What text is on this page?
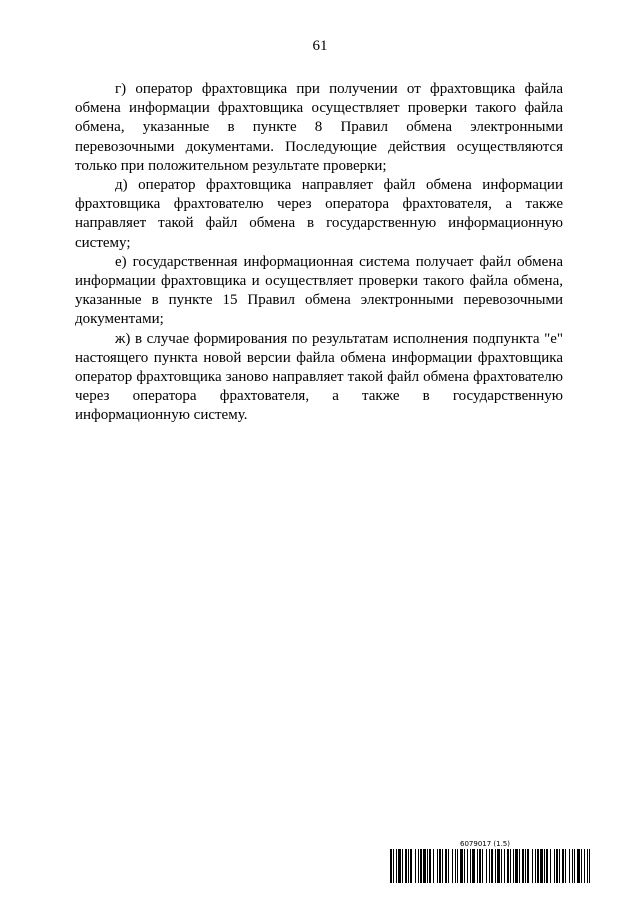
61

г) оператор фрахтовщика при получении от фрахтовщика файла обмена информации фрахтовщика осуществляет проверки такого файла обмена, указанные в пункте 8 Правил обмена электронными перевозочными документами. Последующие действия осуществляются только при положительном результате проверки;

д) оператор фрахтовщика направляет файл обмена информации фрахтовщика фрахтователю через оператора фрахтователя, а также направляет такой файл обмена в государственную информационную систему;

е) государственная информационная система получает файл обмена информации фрахтовщика и осуществляет проверки такого файла обмена, указанные в пункте 15 Правил обмена электронными перевозочными документами;

ж) в случае формирования по результатам исполнения подпункта "е" настоящего пункта новой версии файла обмена информации фрахтовщика оператор фрахтовщика заново направляет такой файл обмена фрахтователю через оператора фрахтователя, а также в государственную информационную систему.

6079017 (1.5)
